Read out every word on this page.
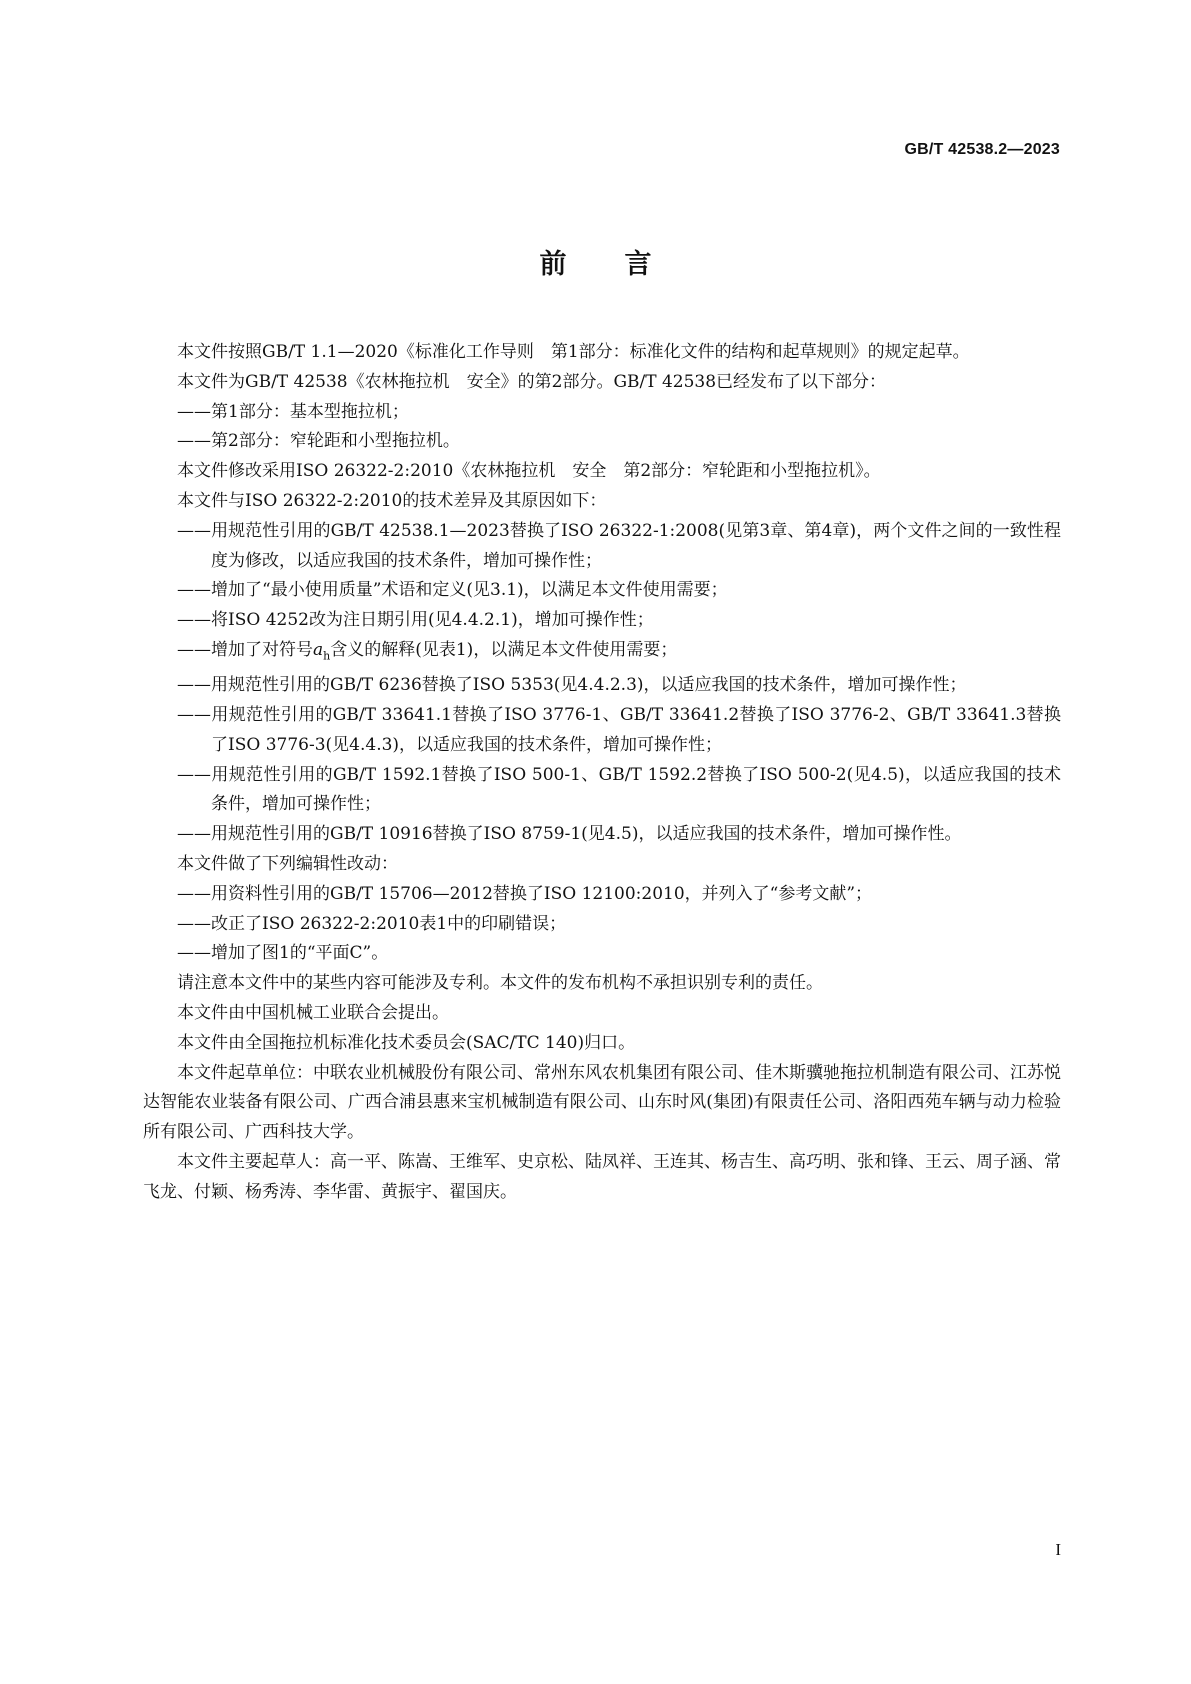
GB/T 42538.2—2023
前言

本文件按照GB/T 1.1—2020《标准化工作导则　第1部分：标准化文件的结构和起草规则》的规定起草。

本文件为GB/T 42538《农林拖拉机　安全》的第2部分。GB/T 42538已经发布了以下部分：

——第1部分：基本型拖拉机；

——第2部分：窄轮距和小型拖拉机。

本文件修改采用ISO 26322-2:2010《农林拖拉机　安全　第2部分：窄轮距和小型拖拉机》。

本文件与ISO 26322-2:2010的技术差异及其原因如下：

——用规范性引用的GB/T 42538.1—2023替换了ISO 26322-1:2008(见第3章、第4章)，两个文件之间的一致性程度为修改，以适应我国的技术条件，增加可操作性；

——增加了“最小使用质量”术语和定义(见3.1)，以满足本文件使用需要；

——将ISO 4252改为注日期引用(见4.4.2.1)，增加可操作性；

——增加了对符号$a_h$含义的解释(见表1)，以满足本文件使用需要；

——用规范性引用的GB/T 6236替换了ISO 5353(见4.4.2.3)，以适应我国的技术条件，增加可操作性；

——用规范性引用的GB/T 33641.1替换了ISO 3776-1、GB/T 33641.2替换了ISO 3776-2、GB/T 33641.3替换了ISO 3776-3(见4.4.3)，以适应我国的技术条件，增加可操作性；

——用规范性引用的GB/T 1592.1替换了ISO 500-1、GB/T 1592.2替换了ISO 500-2(见4.5)，以适应我国的技术条件，增加可操作性；

——用规范性引用的GB/T 10916替换了ISO 8759-1(见4.5)，以适应我国的技术条件，增加可操作性。

本文件做了下列编辑性改动：

——用资料性引用的GB/T 15706—2012替换了ISO 12100:2010，并列入了“参考文献”；

——改正了ISO 26322-2:2010表1中的印刷错误；

——增加了图1的“平面C”。

请注意本文件中的某些内容可能涉及专利。本文件的发布机构不承担识别专利的责任。

本文件由中国机械工业联合会提出。

本文件由全国拖拉机标准化技术委员会(SAC/TC 140)归口。

本文件起草单位：中联农业机械股份有限公司、常州东风农机集团有限公司、佳木斯骥驰拖拉机制造有限公司、江苏悦达智能农业装备有限公司、广西合浦县惠来宝机械制造有限公司、山东时风(集团)有限责任公司、洛阳西苑车辆与动力检验所有限公司、广西科技大学。

本文件主要起草人：高一平、陈嵩、王维军、史京松、陆凤祥、王连其、杨吉生、高巧明、张和锋、王云、周子涵、常飞龙、付颖、杨秀涛、李华雷、黄振宇、翟国庆。

I
